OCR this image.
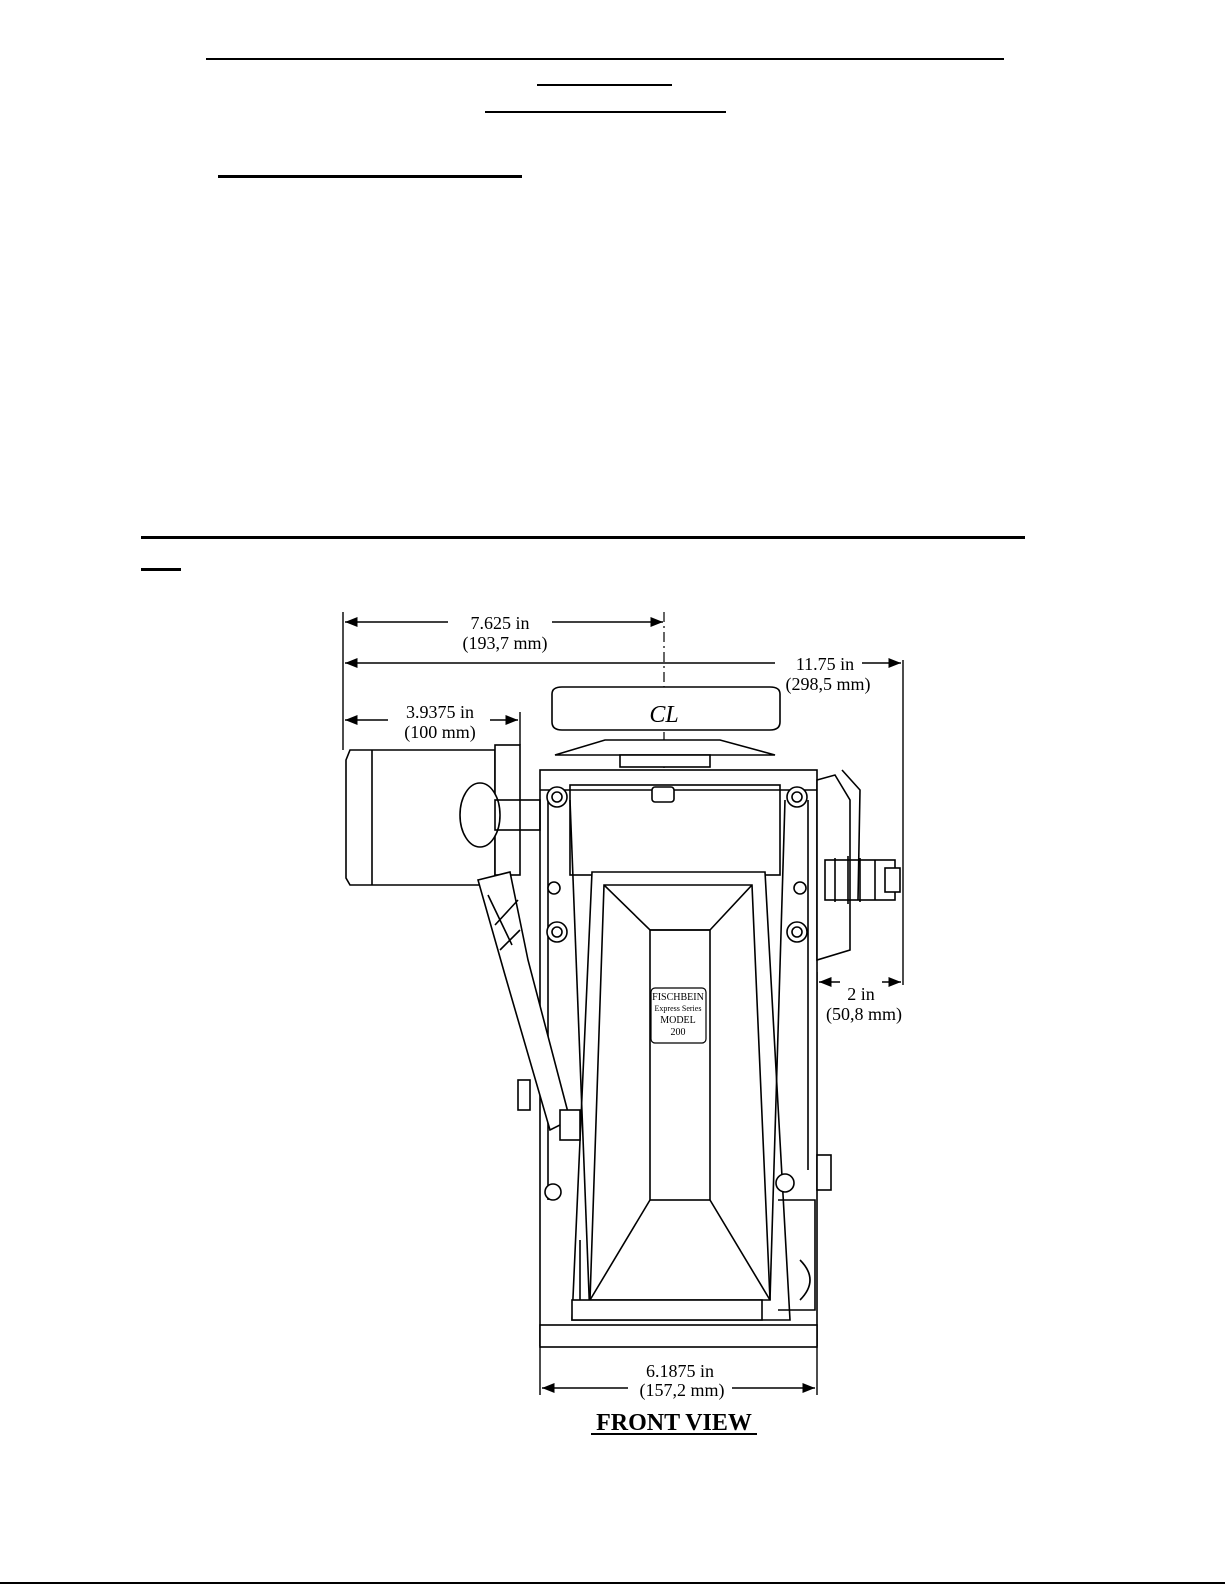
FISCHBEIN
Express Series
MODEL
200
CL
7.625 in
(193,7 mm)
11.75 in
(298,5 mm)
3.9375 in
(100 mm)
2 in
(50,8 mm)
6.1875 in
(157,2 mm)
FRONT VIEW
